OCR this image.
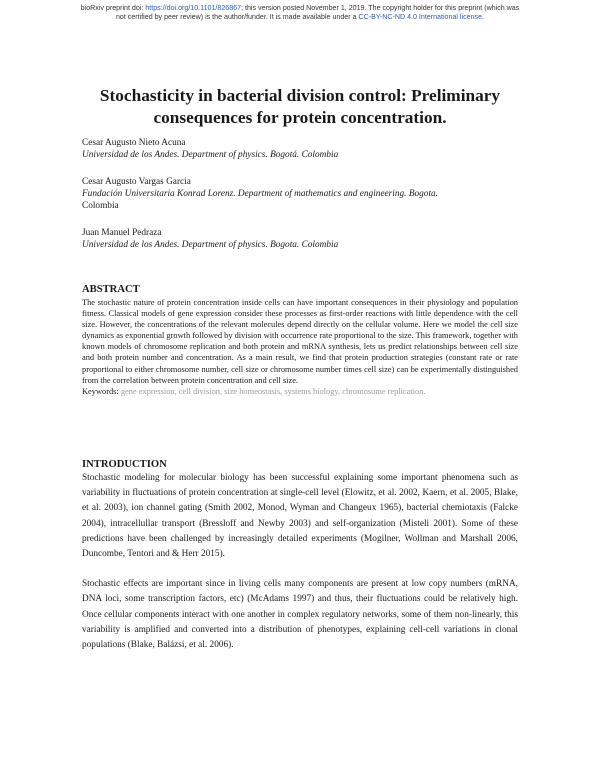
bioRxiv preprint doi: https://doi.org/10.1101/826867; this version posted November 1, 2019. The copyright holder for this preprint (which was
not certified by peer review) is the author/funder. It is made available under a CC-BY-NC-ND 4.0 International license.
Stochasticity in bacterial division control: Preliminary consequences for protein concentration.
Cesar Augusto Nieto Acuna
Universidad de los Andes. Department of physics. Bogotá. Colombia
Cesar Augusto Vargas Garcia
Fundación Universitaria Konrad Lorenz. Department of mathematics and engineering. Bogota.
Colombia
Juan Manuel Pedraza
Universidad de los Andes. Department of physics. Bogota. Colombia
ABSTRACT

The stochastic nature of protein concentration inside cells can have important consequences in their physiology and population fitness. Classical models of gene expression consider these processes as first-order reactions with little dependence with the cell size. However, the concentrations of the relevant molecules depend directly on the cellular volume. Here we model the cell size dynamics as exponential growth followed by division with occurrence rate proportional to the size. This framework, together with known models of chromosome replication and both protein and mRNA synthesis, lets us predict relationships between cell size and both protein number and concentration. As a main result, we find that protein production strategies (constant rate or rate proportional to either chromosome number, cell size or chromosome number times cell size) can be experimentally distinguished from the correlation between protein concentration and cell size.

Keywords: gene expression, cell division, size homeostasis, systems biology, chromosome replication.

INTRODUCTION

Stochastic modeling for molecular biology has been successful explaining some important phenomena such as variability in fluctuations of protein concentration at single-cell level (Elowitz, et al. 2002, Kaern, et al. 2005, Blake, et al. 2003), ion channel gating (Smith 2002, Monod, Wyman and Changeux 1965), bacterial chemiotaxis (Falcke 2004), intracellullar transport (Bressloff and Newby 2003) and self-organization (Misteli 2001). Some of these predictions have been challenged by increasingly detailed experiments (Mogilner, Wollman and Marshall 2006, Duncombe, Tentori and & Herr 2015).

Stochastic effects are important since in living cells many components are present at low copy numbers (mRNA, DNA loci, some transcription factors, etc) (McAdams 1997) and thus, their fluctuations could be relatively high. Once cellular components interact with one another in complex regulatory networks, some of them non-linearly, this variability is amplified and converted into a distribution of phenotypes, explaining cell-cell variations in clonal populations (Blake, Balázsi, et al. 2006).
